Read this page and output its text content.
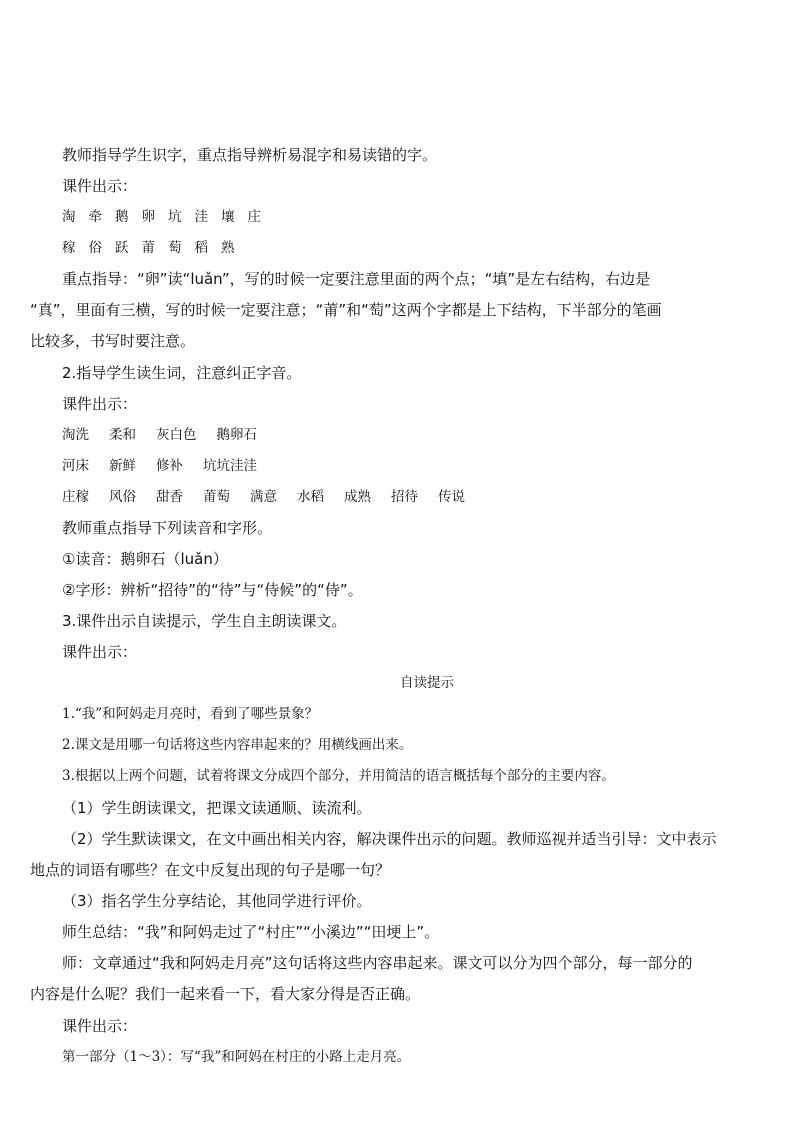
教师指导学生识字，重点指导辨析易混字和易读错的字。
课件出示：
淘 牵 鹅 卵 坑 洼 壤 庄
稼 俗 跃 莆 萄 稻 熟
重点指导：“卵”读“luǎn”，写的时候一定要注意里面的两个点；“填”是左右结构，右边是
“真”，里面有三横，写的时候一定要注意；“莆”和“萄”这两个字都是上下结构，下半部分的笔画
比较多，书写时要注意。
2.指导学生读生词，注意纠正字音。
课件出示：
淘洗 柔和 灰白色 鹅卵石
河床 新鲜 修补 坑坑洼洼
庄稼 风俗 甜香 莆萄 满意 水稻 成熟 招待 传说
教师重点指导下列读音和字形。
①读音：鹅卵石（luǎn）
②字形：辨析“招待”的“待”与“侍候”的“侍”。
3.课件出示自读提示，学生自主朗读课文。
课件出示：
自读提示
1.“我”和阿妈走月亮时，看到了哪些景象？
2.课文是用哪一句话将这些内容串起来的？用横线画出来。
3.根据以上两个问题，试着将课文分成四个部分，并用简洁的语言概括每个部分的主要内容。
（1）学生朗读课文，把课文读通顺、读流利。
（2）学生默读课文，在文中画出相关内容，解决课件出示的问题。教师巡视并适当引导：文中表示
地点的词语有哪些？在文中反复出现的句子是哪一句？
（3）指名学生分享结论，其他同学进行评价。
师生总结：“我”和阿妈走过了“村庄”“小溪边”“田埂上”。
师：文章通过“我和阿妈走月亮”这句话将这些内容串起来。课文可以分为四个部分，每一部分的
内容是什么呢？我们一起来看一下，看大家分得是否正确。
课件出示：
第一部分（1～3）：写“我”和阿妈在村庄的小路上走月亮。
